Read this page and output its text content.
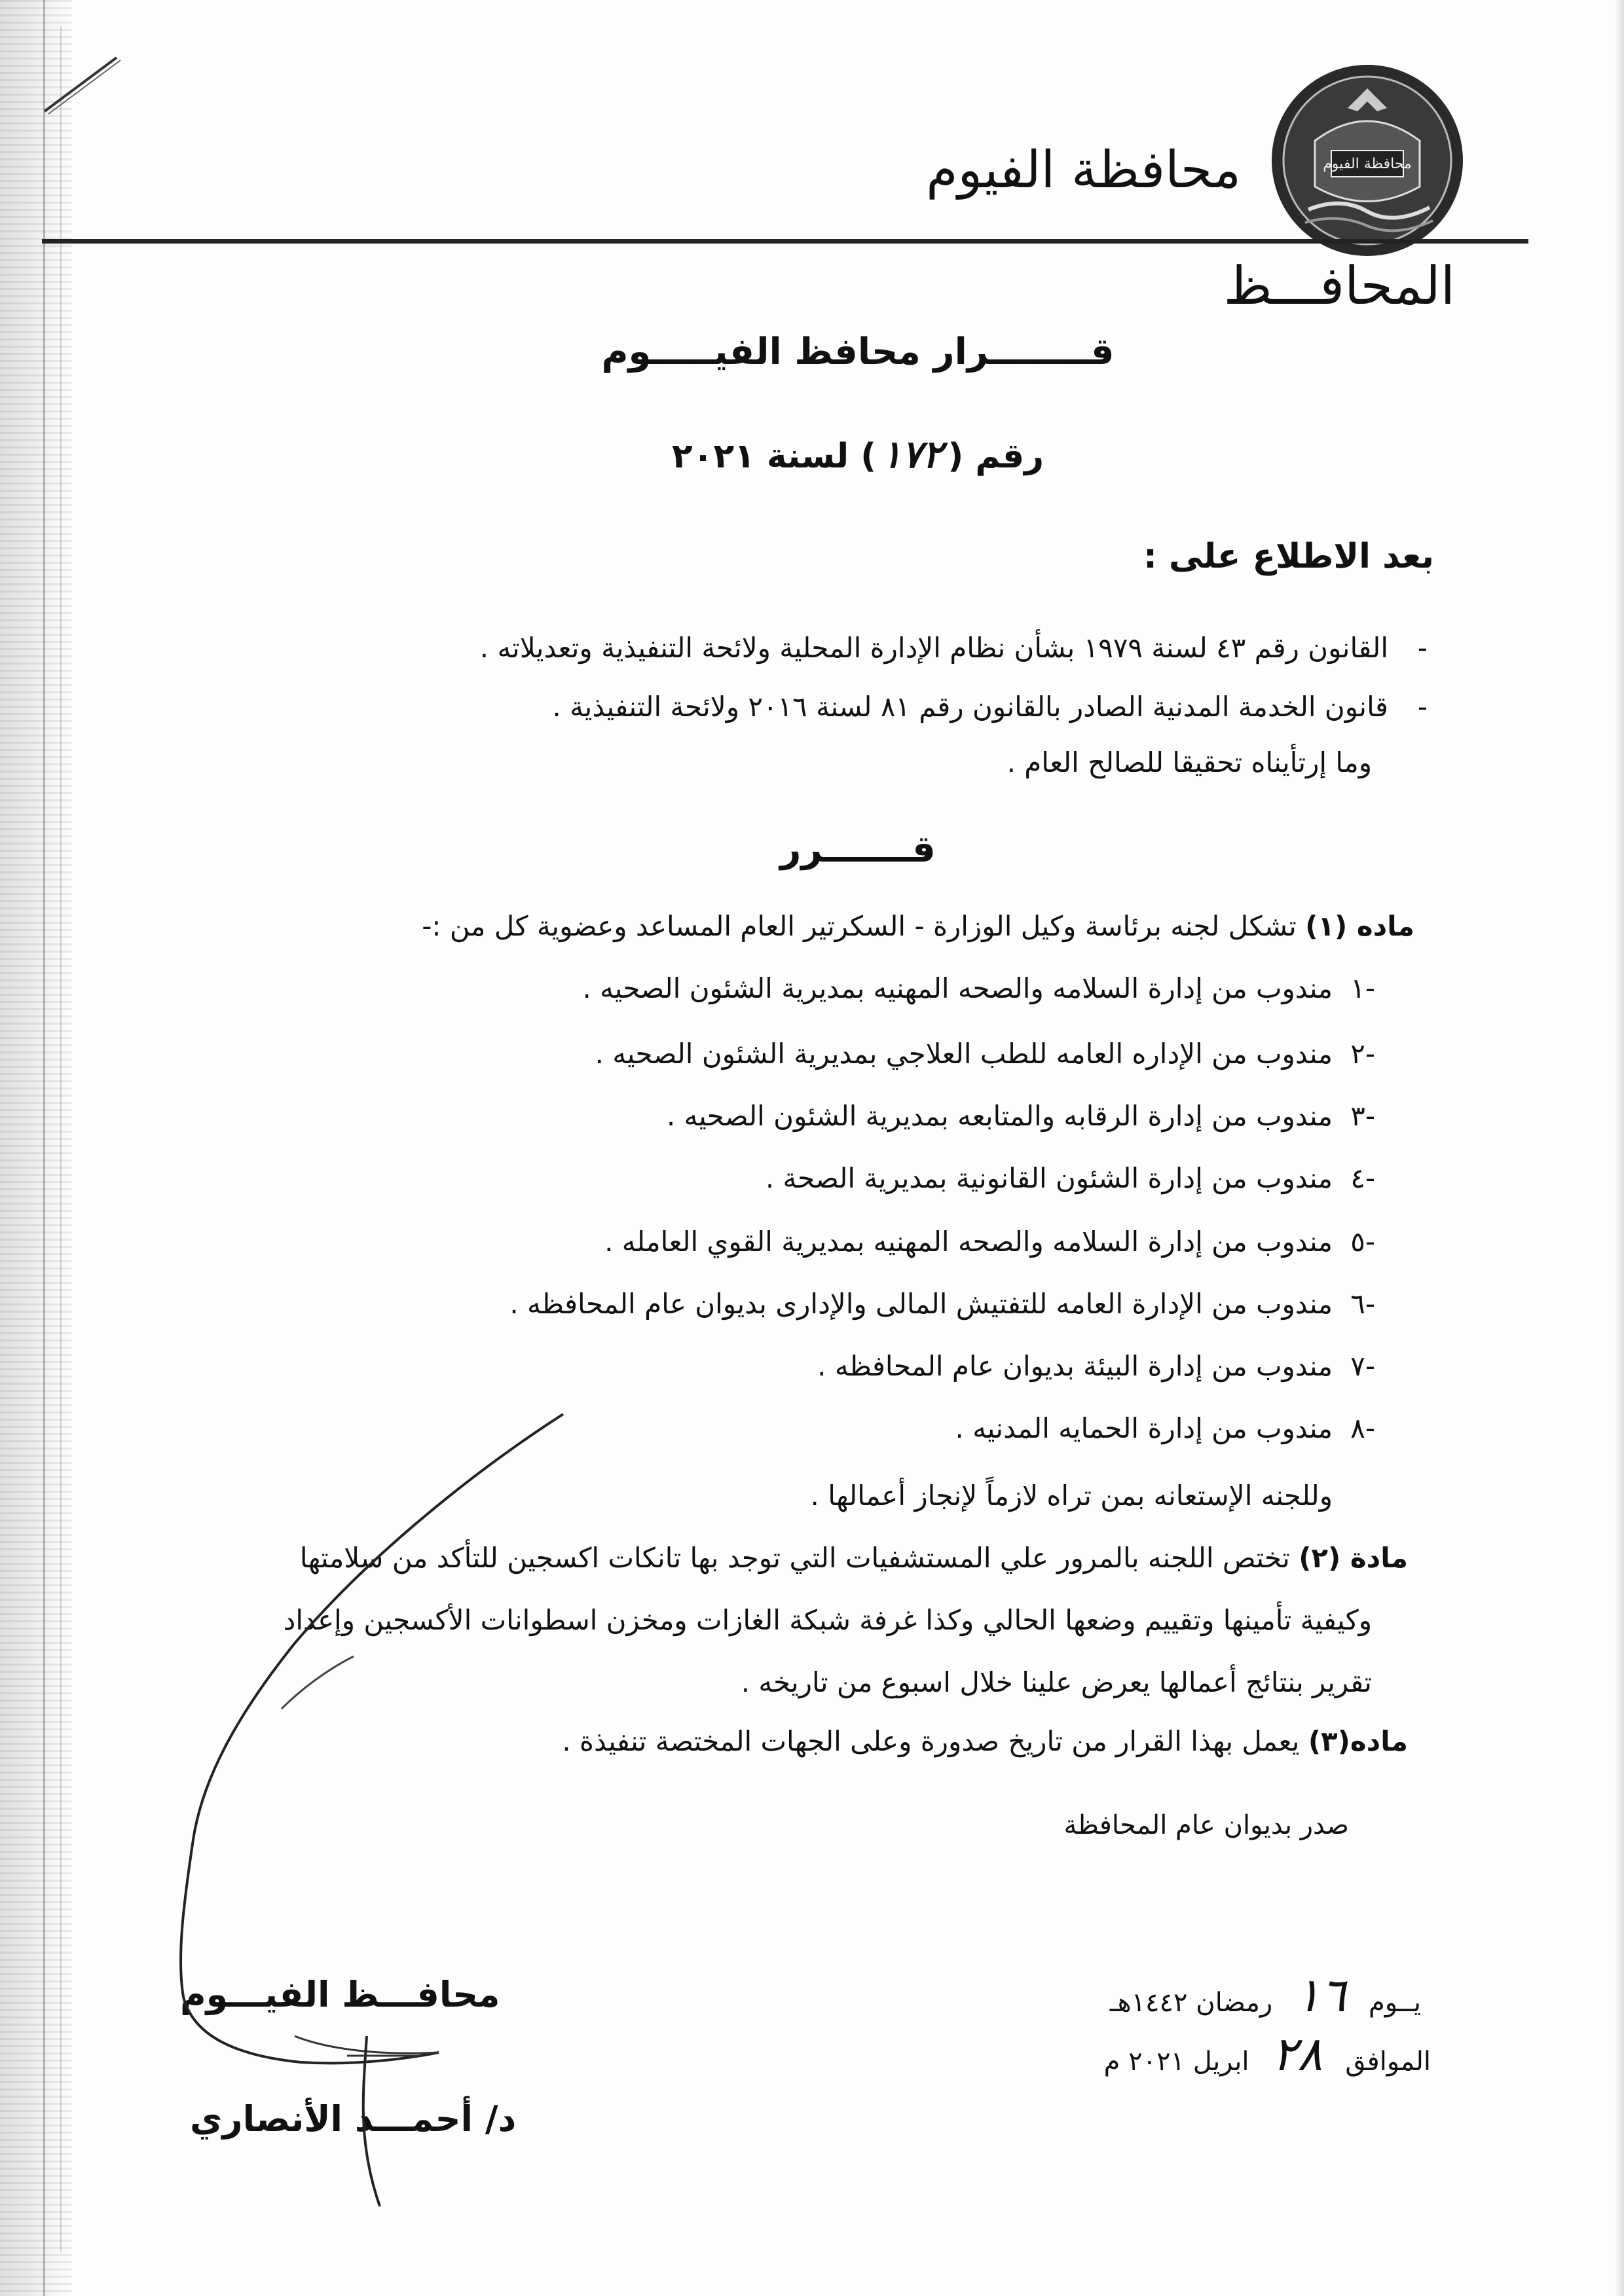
محافظة الفيوم
محافظة الفيوم
المحافـــظ
قــــــــرار محافظ الفيـــــوم
رقم (١٧٢) لسنة ٢٠٢١
بعد الاطلاع على :
-القانون رقم ٤٣ لسنة ١٩٧٩ بشأن نظام الإدارة المحلية ولائحة التنفيذية وتعديلاته .
-قانون الخدمة المدنية الصادر بالقانون رقم ٨١ لسنة ٢٠١٦ ولائحة التنفيذية .
وما إرتأيناه تحقيقا للصالح العام .
قـــــــرر
ماده (١) تشكل لجنه برئاسة وكيل الوزارة - السكرتير العام المساعد وعضوية كل من :-
-١مندوب من إدارة السلامه والصحه المهنيه بمديرية الشئون الصحيه .
-٢مندوب من الإداره العامه للطب العلاجي بمديرية الشئون الصحيه .
-٣مندوب من إدارة الرقابه والمتابعه بمديرية الشئون الصحيه .
-٤مندوب من إدارة الشئون القانونية بمديرية الصحة .
-٥مندوب من إدارة السلامه والصحه المهنيه بمديرية القوي العامله .
-٦مندوب من الإدارة العامه للتفتيش المالى والإدارى بديوان عام المحافظه .
-٧مندوب من إدارة البيئة بديوان عام المحافظه .
-٨مندوب من إدارة الحمايه المدنيه .
وللجنه الإستعانه بمن تراه لازماً لإنجاز أعمالها .
مادة (٢) تختص اللجنه بالمرور علي المستشفيات التي توجد بها تانكات اكسجين للتأكد من سلامتها
وكيفية تأمينها وتقييم وضعها الحالي وكذا غرفة شبكة الغازات ومخزن اسطوانات الأكسجين وإعداد
تقرير بنتائج أعمالها يعرض علينا خلال اسبوع من تاريخه .
ماده(٣) يعمل بهذا القرار من تاريخ صدورة وعلى الجهات المختصة تنفيذة .
صدر بديوان عام المحافظة
يــوم ١٦ رمضان ١٤٤٢هـ
الموافق ٢٨ ابريل ٢٠٢١ م
محافـــظ الفيـــوم
د/ أحمـــد الأنصاري
